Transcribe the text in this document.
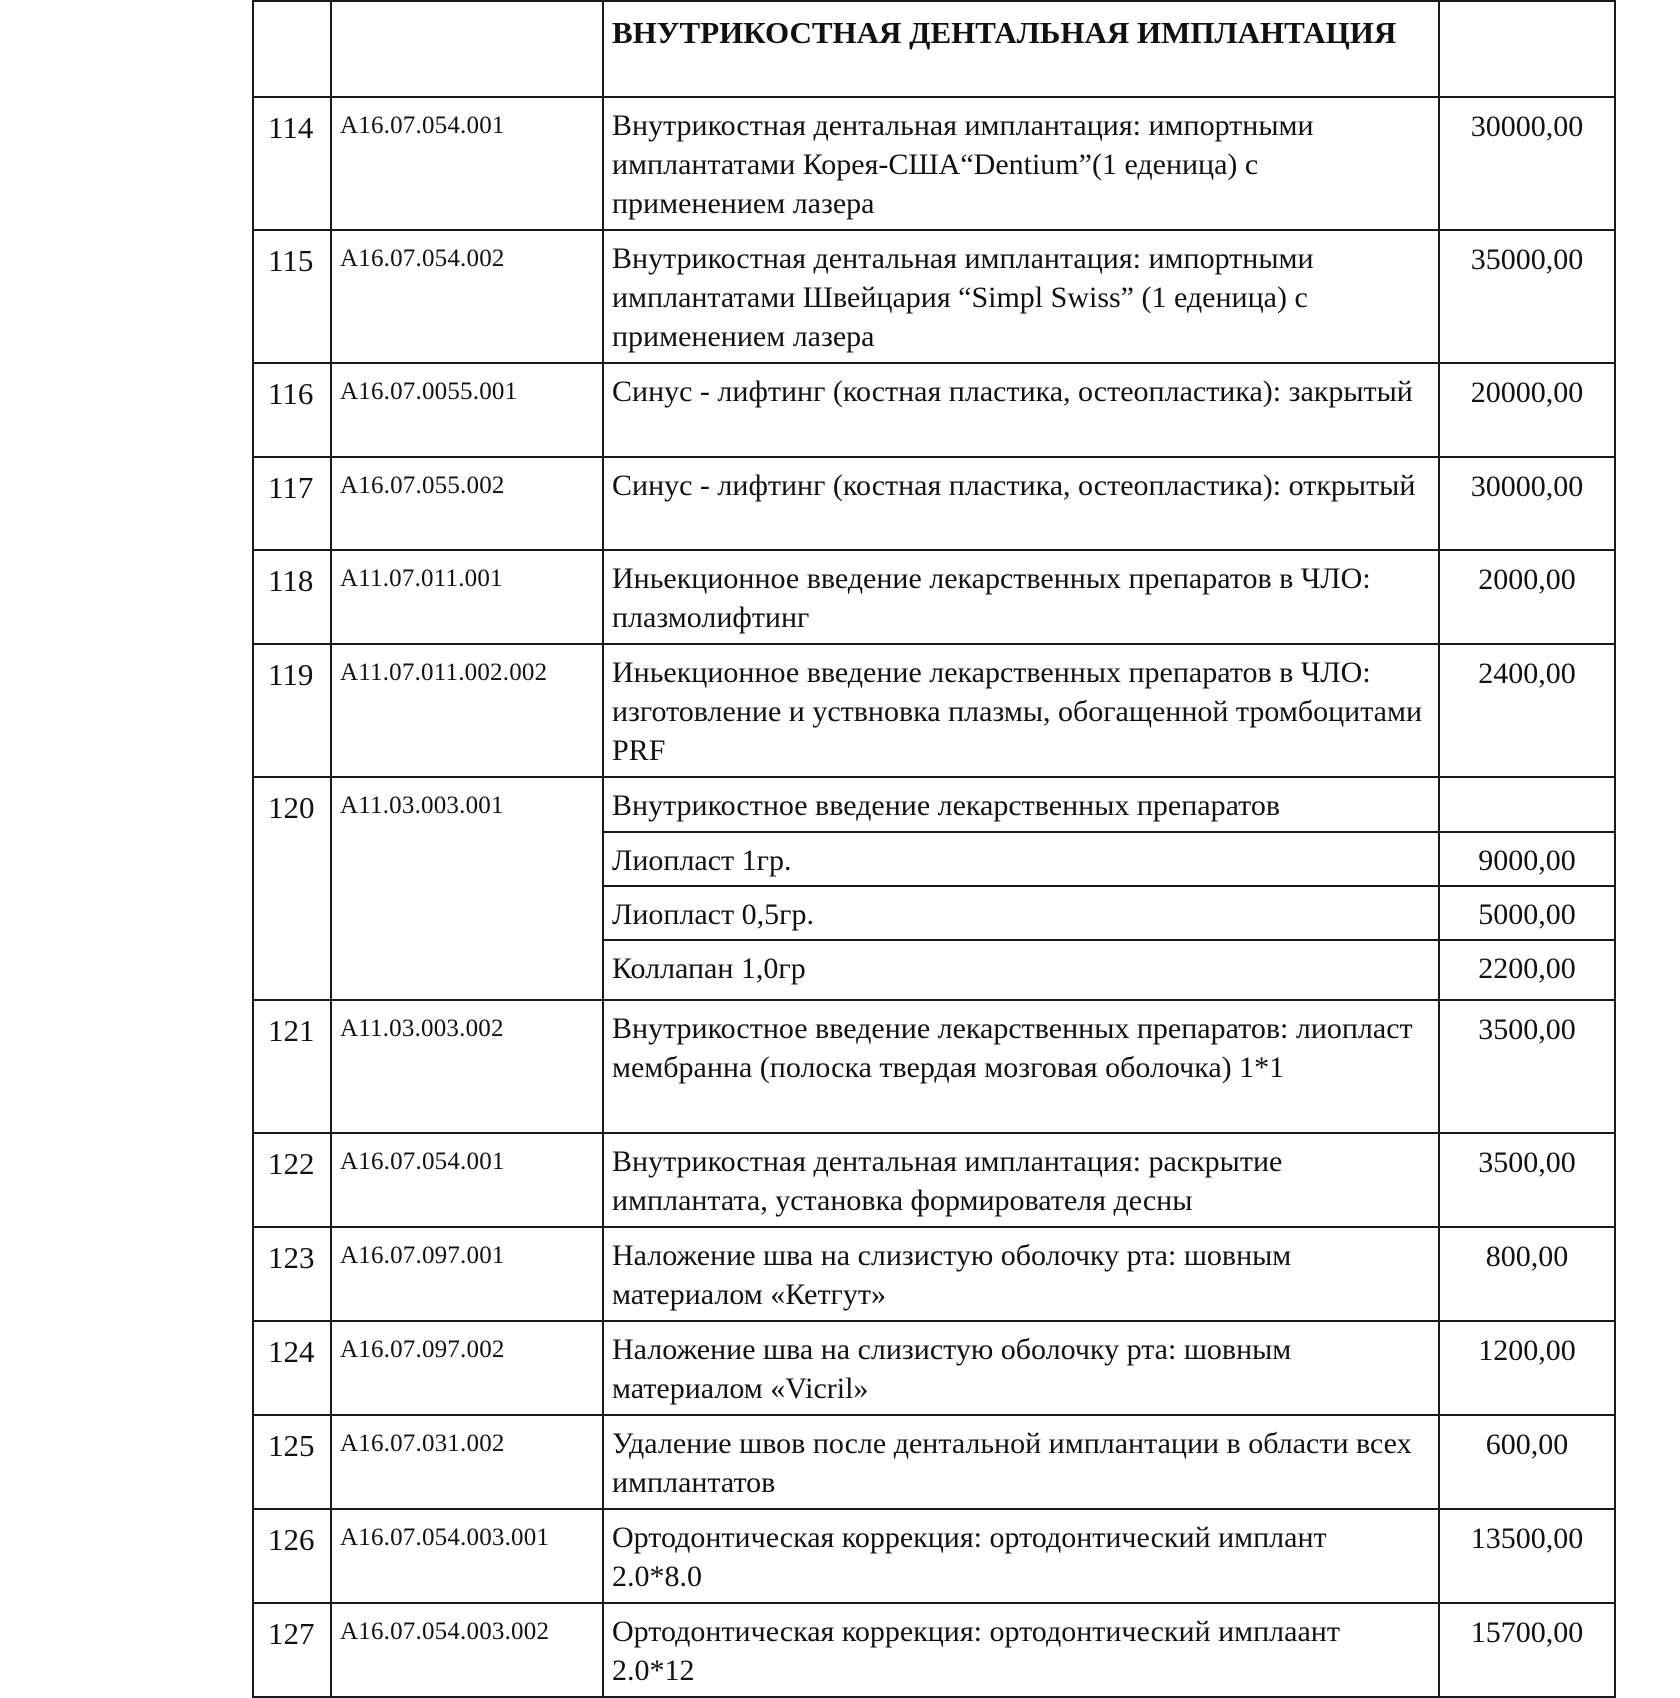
		ВНУТРИКОСТНАЯ ДЕНТАЛЬНАЯ ИМПЛАНТАЦИЯ	
114	А16.07.054.001	Внутрикостная дентальная имплантация: импортными имплантатами Корея-США“Dentium”(1 еденица) с применением лазера	30000,00
115	А16.07.054.002	Внутрикостная дентальная имплантация: импортными имплантатами Швейцария “Simpl Swiss” (1 еденица) с применением лазера	35000,00
116	А16.07.0055.001	Синус - лифтинг (костная пластика, остеопластика): закрытый	20000,00
117	А16.07.055.002	Синус - лифтинг (костная пластика, остеопластика): открытый	30000,00
118	А11.07.011.001	Иньекционное введение лекарственных препаратов в ЧЛО: плазмолифтинг	2000,00
119	А11.07.011.002.002	Иньекционное введение лекарственных препаратов в ЧЛО: изготовление и уствновка плазмы, обогащенной тромбоцитами PRF	2400,00
120	А11.03.003.001	Внутрикостное введение лекарственных препаратов	
		Лиопласт 1гр.	9000,00
		Лиопласт 0,5гр.	5000,00
		Коллапан 1,0гр	2200,00
121	А11.03.003.002	Внутрикостное введение лекарственных препаратов: лиопласт мембранна (полоска твердая мозговая оболочка) 1*1	3500,00
122	А16.07.054.001	Внутрикостная дентальная имплантация: раскрытие имплантата, установка формирователя десны	3500,00
123	А16.07.097.001	Наложение шва на слизистую оболочку рта: шовным материалом «Кетгут»	800,00
124	А16.07.097.002	Наложение шва на слизистую оболочку рта: шовным материалом «Vicril»	1200,00
125	А16.07.031.002	Удаление швов после дентальной имплантации в области всех имплантатов	600,00
126	А16.07.054.003.001	Ортодонтическая коррекция: ортодонтический имплант 2.0*8.0	13500,00
127	А16.07.054.003.002	Ортодонтическая коррекция: ортодонтический имплаант 2.0*12	15700,00
